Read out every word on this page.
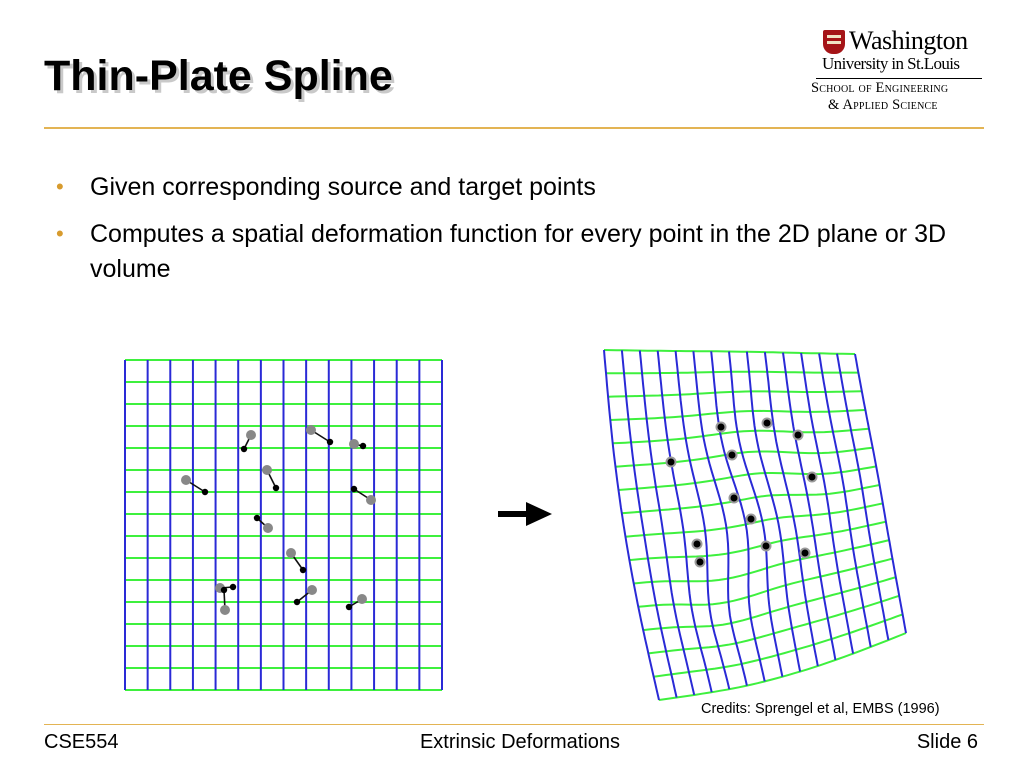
Thin-Plate Spline
Washington
University in St.Louis
School of Engineering
& Applied Science
• Given corresponding source and target points
• Computes a spatial deformation function for every point in the 2D plane or 3D volume
Credits: Sprengel et al, EMBS (1996)
CSE554	Extrinsic Deformations	Slide 6
